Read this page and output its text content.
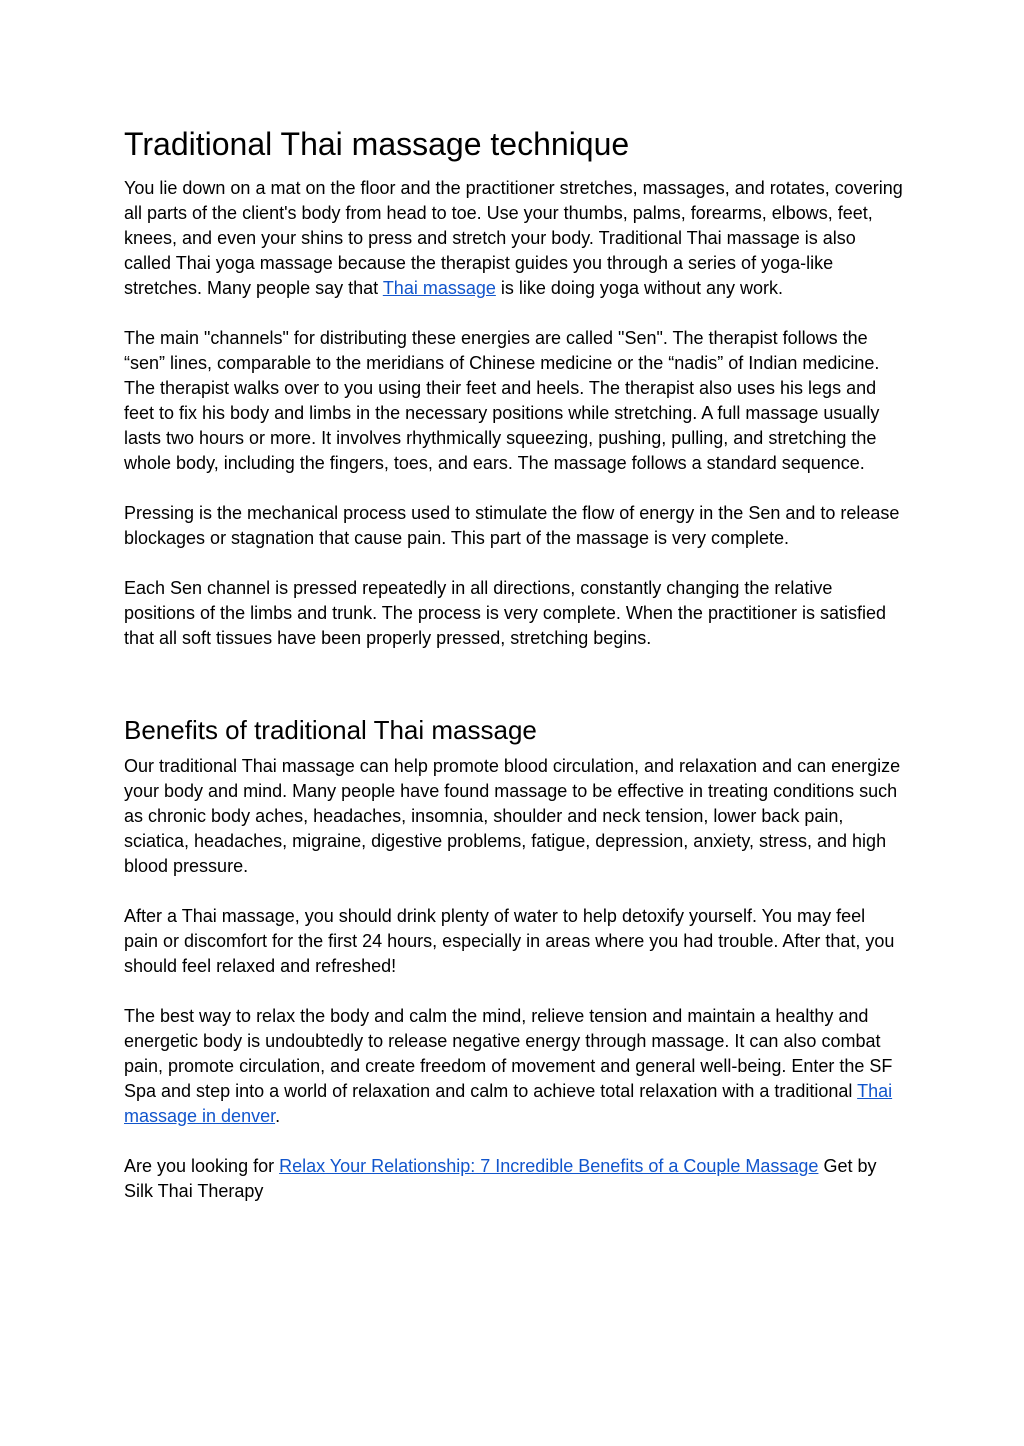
Traditional Thai massage technique

You lie down on a mat on the floor and the practitioner stretches, massages, and rotates, covering all parts of the client's body from head to toe. Use your thumbs, palms, forearms, elbows, feet, knees, and even your shins to press and stretch your body. Traditional Thai massage is also called Thai yoga massage because the therapist guides you through a series of yoga-like stretches. Many people say that Thai massage is like doing yoga without any work.

The main "channels" for distributing these energies are called "Sen". The therapist follows the “sen” lines, comparable to the meridians of Chinese medicine or the “nadis” of Indian medicine. The therapist walks over to you using their feet and heels. The therapist also uses his legs and feet to fix his body and limbs in the necessary positions while stretching. A full massage usually lasts two hours or more. It involves rhythmically squeezing, pushing, pulling, and stretching the whole body, including the fingers, toes, and ears. The massage follows a standard sequence.

Pressing is the mechanical process used to stimulate the flow of energy in the Sen and to release blockages or stagnation that cause pain. This part of the massage is very complete.

Each Sen channel is pressed repeatedly in all directions, constantly changing the relative positions of the limbs and trunk. The process is very complete. When the practitioner is satisfied that all soft tissues have been properly pressed, stretching begins.

Benefits of traditional Thai massage

Our traditional Thai massage can help promote blood circulation, and relaxation and can energize your body and mind. Many people have found massage to be effective in treating conditions such as chronic body aches, headaches, insomnia, shoulder and neck tension, lower back pain, sciatica, headaches, migraine, digestive problems, fatigue, depression, anxiety, stress, and high blood pressure.

After a Thai massage, you should drink plenty of water to help detoxify yourself. You may feel pain or discomfort for the first 24 hours, especially in areas where you had trouble. After that, you should feel relaxed and refreshed!

The best way to relax the body and calm the mind, relieve tension and maintain a healthy and energetic body is undoubtedly to release negative energy through massage. It can also combat pain, promote circulation, and create freedom of movement and general well-being. Enter the SF Spa and step into a world of relaxation and calm to achieve total relaxation with a traditional Thai massage in denver.

Are you looking for Relax Your Relationship: 7 Incredible Benefits of a Couple Massage Get by Silk Thai Therapy
